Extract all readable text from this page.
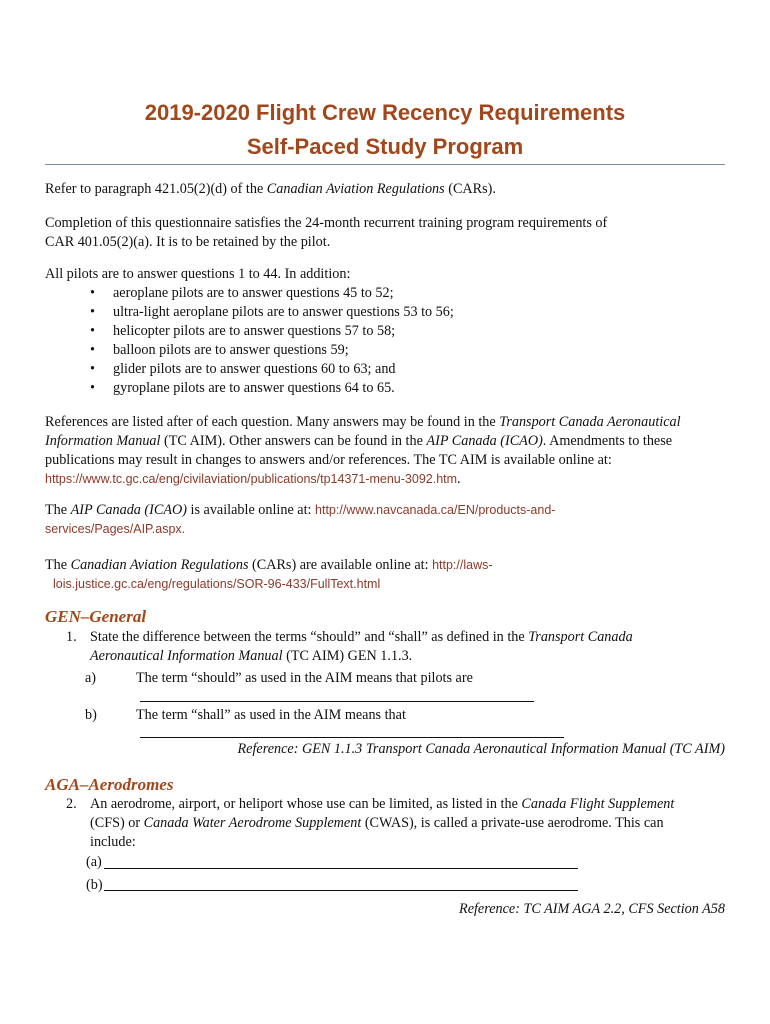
2019-2020 Flight Crew Recency Requirements
Self-Paced Study Program
Refer to paragraph 421.05(2)(d) of the Canadian Aviation Regulations (CARs).
Completion of this questionnaire satisfies the 24-month recurrent training program requirements of
CAR 401.05(2)(a). It is to be retained by the pilot.
All pilots are to answer questions 1 to 44. In addition:
• aeroplane pilots are to answer questions 45 to 52;
• ultra-light aeroplane pilots are to answer questions 53 to 56;
• helicopter pilots are to answer questions 57 to 58;
• balloon pilots are to answer questions 59;
• glider pilots are to answer questions 60 to 63; and
• gyroplane pilots are to answer questions 64 to 65.
References are listed after of each question. Many answers may be found in the Transport Canada Aeronautical
Information Manual (TC AIM). Other answers can be found in the AIP Canada (ICAO). Amendments to these
publications may result in changes to answers and/or references. The TC AIM is available online at:
https://www.tc.gc.ca/eng/civilaviation/publications/tp14371-menu-3092.htm.
The AIP Canada (ICAO) is available online at: http://www.navcanada.ca/EN/products-and-
services/Pages/AIP.aspx.
The Canadian Aviation Regulations (CARs) are available online at: http://laws-
lois.justice.gc.ca/eng/regulations/SOR-96-433/FullText.html
GEN–General
1. State the difference between the terms “should” and “shall” as defined in the Transport Canada
Aeronautical Information Manual (TC AIM) GEN 1.1.3.
a)	The term “should” as used in the AIM means that pilots are
b)	The term “shall” as used in the AIM means that
Reference: GEN 1.1.3 Transport Canada Aeronautical Information Manual (TC AIM)
AGA–Aerodromes
2. An aerodrome, airport, or heliport whose use can be limited, as listed in the Canada Flight Supplement
(CFS) or Canada Water Aerodrome Supplement (CWAS), is called a private-use aerodrome. This can
include:
(a)
(b)
Reference: TC AIM AGA 2.2, CFS Section A58
